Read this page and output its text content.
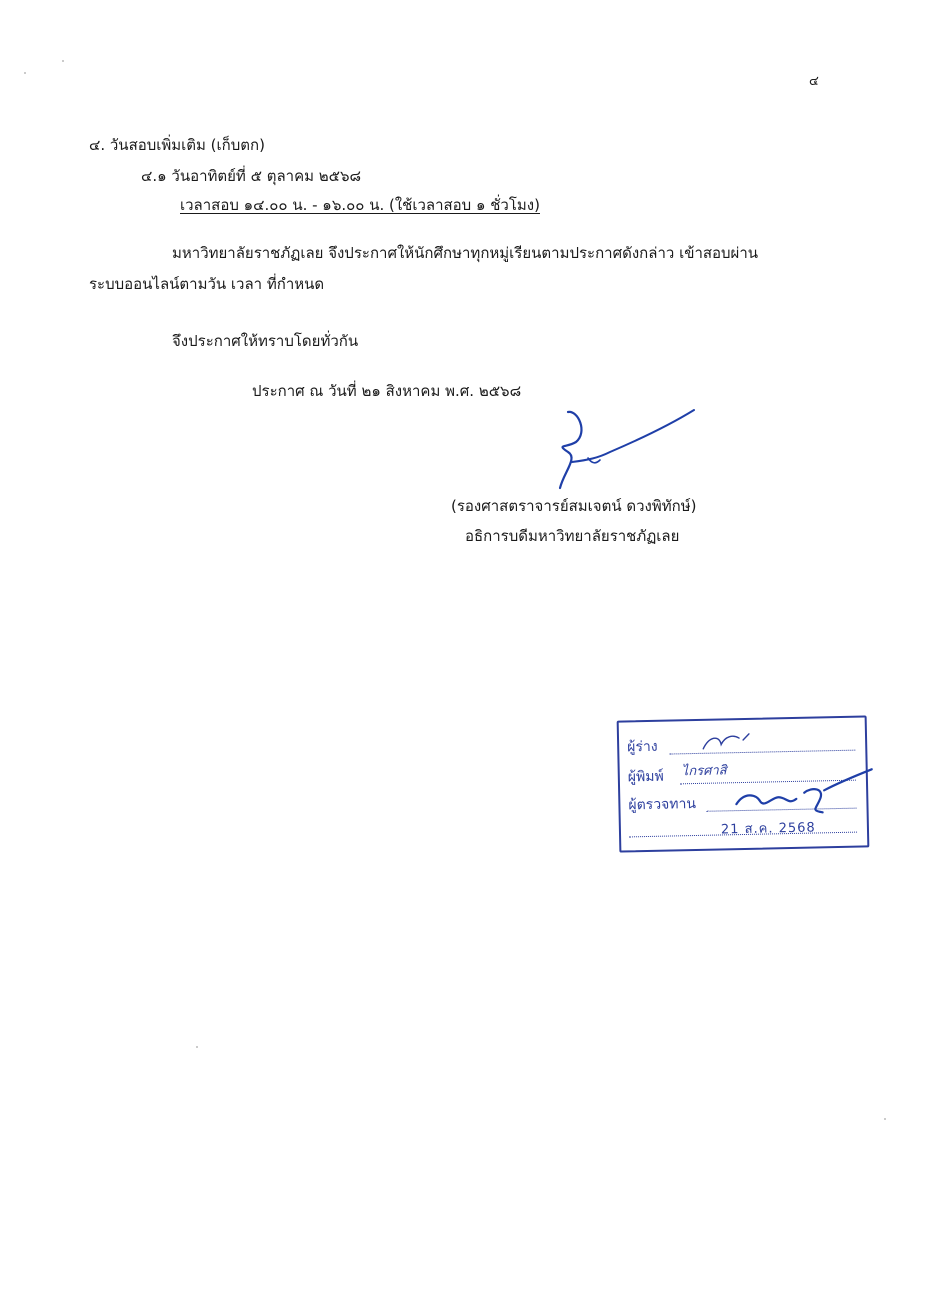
๔
๔. วันสอบเพิ่มเติม (เก็บตก)
๔.๑ วันอาทิตย์ที่ ๕ ตุลาคม ๒๕๖๘
เวลาสอบ ๑๔.๐๐ น. - ๑๖.๐๐ น. (ใช้เวลาสอบ ๑ ชั่วโมง)
มหาวิทยาลัยราชภัฏเลย จึงประกาศให้นักศึกษาทุกหมู่เรียนตามประกาศดังกล่าว เข้าสอบผ่าน
ระบบออนไลน์ตามวัน เวลา ที่กำหนด
จึงประกาศให้ทราบโดยทั่วกัน
ประกาศ ณ วันที่ ๒๑ สิงหาคม พ.ศ. ๒๕๖๘
(รองศาสตราจารย์สมเจตน์ ดวงพิทักษ์)
อธิการบดีมหาวิทยาลัยราชภัฏเลย
ผู้ร่าง
ผู้พิมพ์ ไกรศาสิ
ผู้ตรวจทาน
21 ส.ค. 2568
